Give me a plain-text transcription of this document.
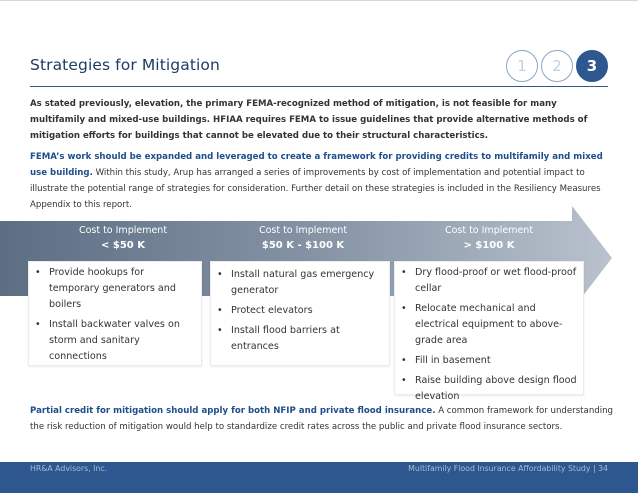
Strategies for Mitigation	1	2	3

As stated previously, elevation, the primary FEMA-recognized method of mitigation, is not feasible for many multifamily and mixed-use buildings. HFIAA requires FEMA to issue guidelines that provide alternative methods of mitigation efforts for buildings that cannot be elevated due to their structural characteristics.

FEMA’s work should be expanded and leveraged to create a framework for providing credits to multifamily and mixed use building. Within this study, Arup has arranged a series of improvements by cost of implementation and potential impact to illustrate the potential range of strategies for consideration. Further detail on these strategies is included in the Resiliency Measures Appendix to this report.

Cost to Implement
< $50 K
Cost to Implement
$50 K - $100 K
Cost to Implement
> $100 K
• Provide hookups for temporary generators and boilers
• Install backwater valves on storm and sanitary connections
• Install natural gas emergency generator
• Protect elevators
• Install flood barriers at entrances
• Dry flood-proof or wet flood-proof cellar
• Relocate mechanical and electrical equipment to above-grade area
• Fill in basement
• Raise building above design flood elevation

Partial credit for mitigation should apply for both NFIP and private flood insurance. A common framework for understanding the risk reduction of mitigation would help to standardize credit rates across the public and private flood insurance sectors.

HR&A Advisors, Inc.	Multifamily Flood Insurance Affordability Study | 34
